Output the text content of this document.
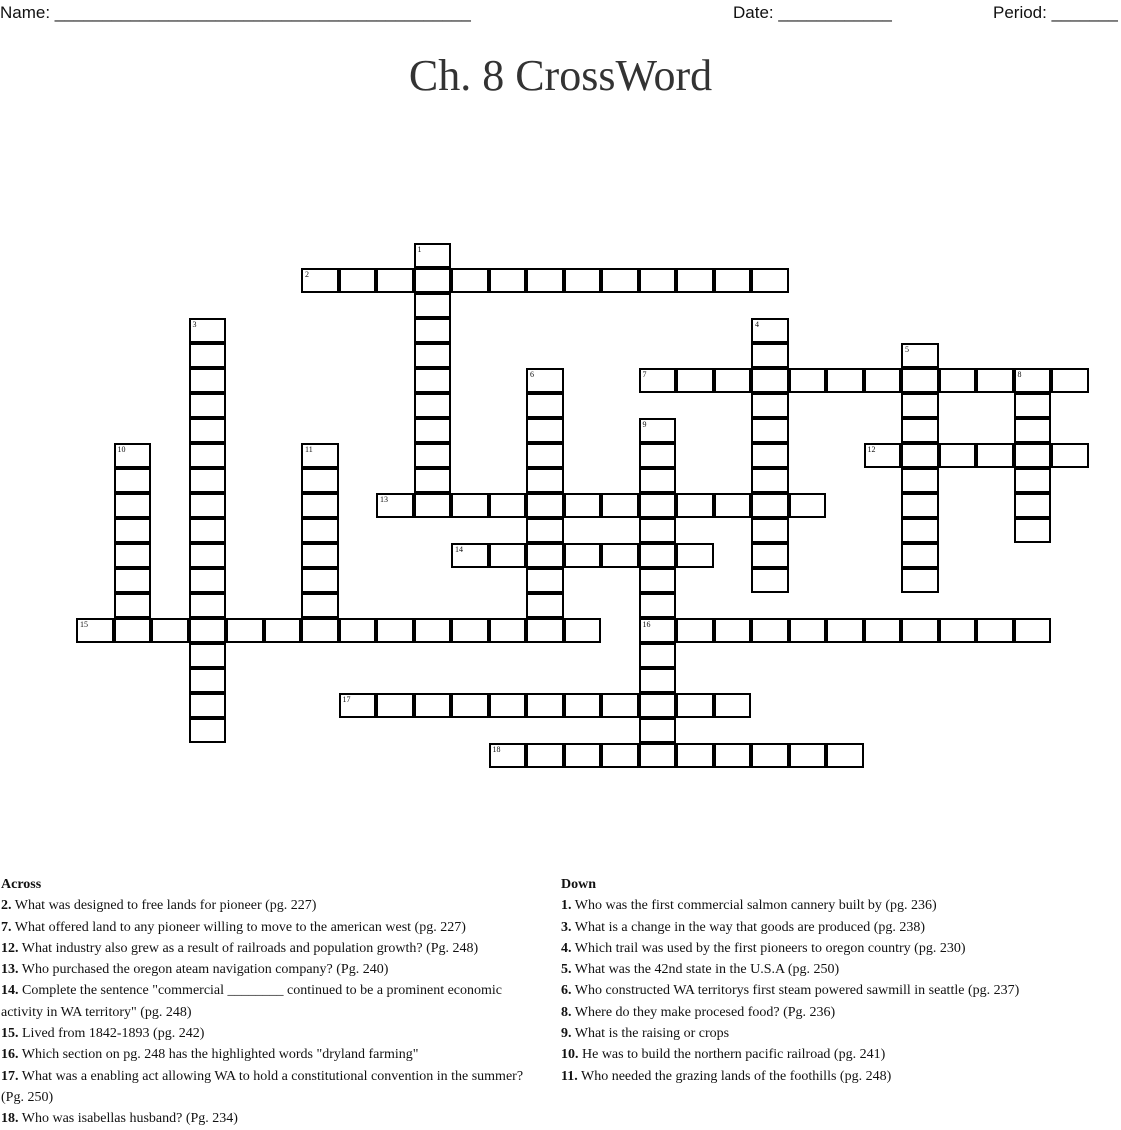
Name: ____________________________________________	Date: ____________	Period: _______
Ch. 8 CrossWord
1
2
3	4
5
6	7	8
9
16
10	11	12
13
14
15
17
18
Across
2. What was designed to free lands for pioneer (pg. 227)
7. What offered land to any pioneer willing to move to the american west (pg. 227)
12. What industry also grew as a result of railroads and population growth? (Pg. 248)
13. Who purchased the oregon ateam navigation company? (Pg. 240)
14. Complete the sentence "commercial ________ continued to be a prominent economic
activity in WA territory" (pg. 248)
15. Lived from 1842-1893 (pg. 242)
16. Which section on pg. 248 has the highlighted words "dryland farming"
17. What was a enabling act allowing WA to hold a constitutional convention in the summer?
(Pg. 250)
18. Who was isabellas husband? (Pg. 234)
Down
1. Who was the first commercial salmon cannery built by (pg. 236)
3. What is a change in the way that goods are produced (pg. 238)
4. Which trail was used by the first pioneers to oregon country (pg. 230)
5. What was the 42nd state in the U.S.A (pg. 250)
6. Who constructed WA territorys first steam powered sawmill in seattle (pg. 237)
8. Where do they make procesed food? (Pg. 236)
9. What is the raising or crops
10. He was to build the northern pacific railroad (pg. 241)
11. Who needed the grazing lands of the foothills (pg. 248)
